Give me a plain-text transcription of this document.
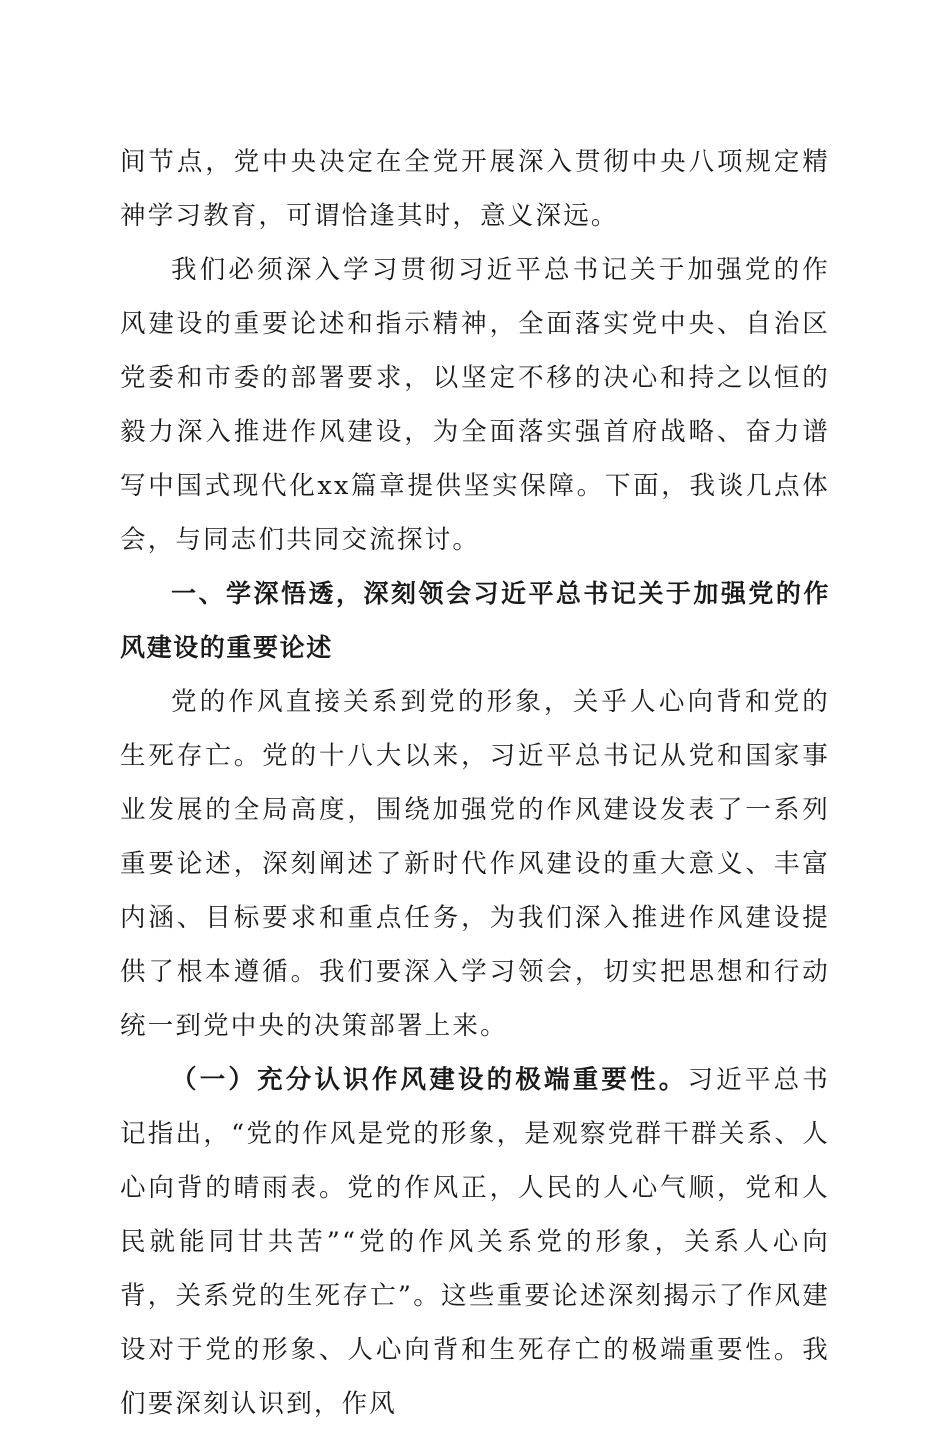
间节点，党中央决定在全党开展深入贯彻中央八项规定精神学习教育，可谓恰逢其时，意义深远。

我们必须深入学习贯彻习近平总书记关于加强党的作风建设的重要论述和指示精神，全面落实党中央、自治区党委和市委的部署要求，以坚定不移的决心和持之以恒的毅力深入推进作风建设，为全面落实强首府战略、奋力谱写中国式现代化xx篇章提供坚实保障。下面，我谈几点体会，与同志们共同交流探讨。

一、学深悟透，深刻领会习近平总书记关于加强党的作风建设的重要论述

党的作风直接关系到党的形象，关乎人心向背和党的生死存亡。党的十八大以来，习近平总书记从党和国家事业发展的全局高度，围绕加强党的作风建设发表了一系列重要论述，深刻阐述了新时代作风建设的重大意义、丰富内涵、目标要求和重点任务，为我们深入推进作风建设提供了根本遵循。我们要深入学习领会，切实把思想和行动统一到党中央的决策部署上来。

（一）充分认识作风建设的极端重要性。习近平总书记指出，“党的作风是党的形象，是观察党群干群关系、人心向背的晴雨表。党的作风正，人民的人心气顺，党和人民就能同甘共苦”“党的作风关系党的形象，关系人心向背，关系党的生死存亡”。这些重要论述深刻揭示了作风建设对于党的形象、人心向背和生死存亡的极端重要性。我们要深刻认识到，作风
